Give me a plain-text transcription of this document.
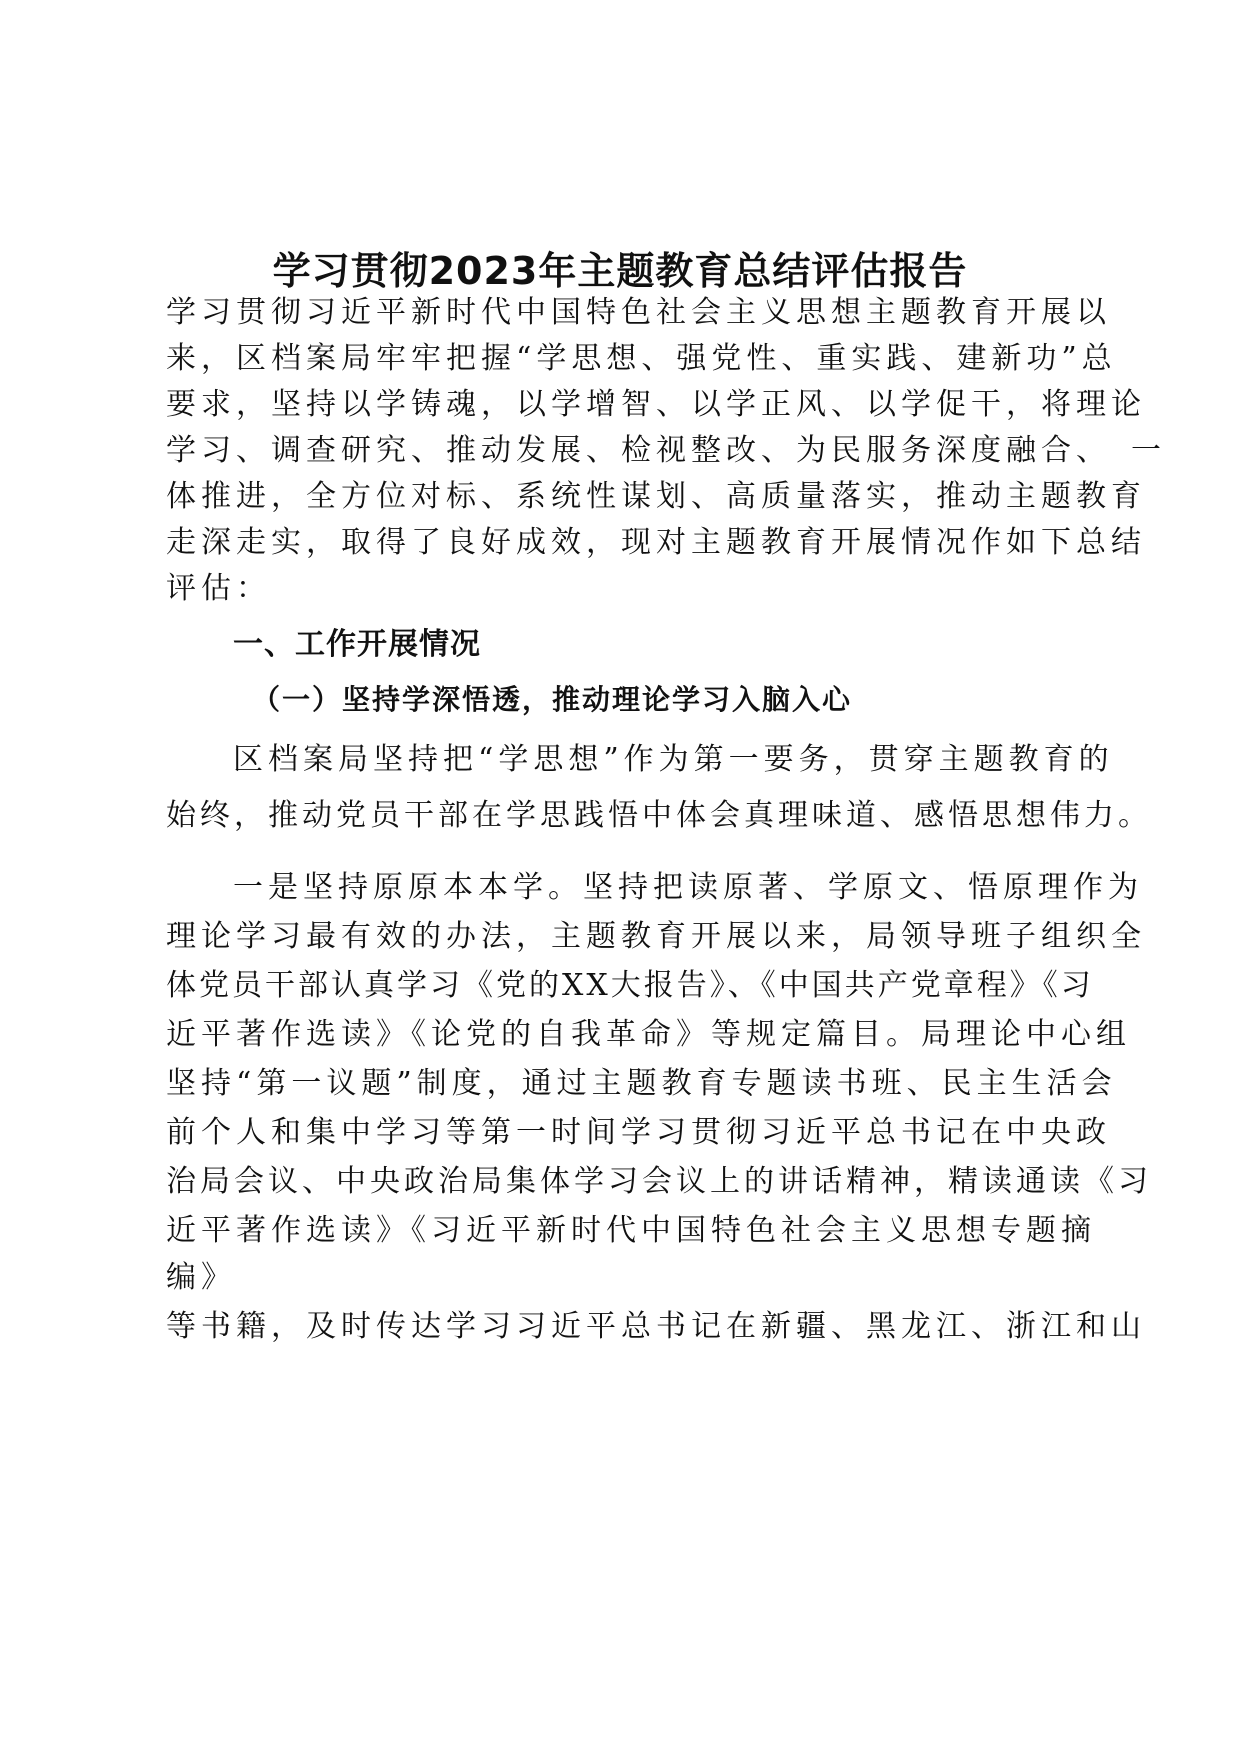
学习贯彻2023年主题教育总结评估报告
学习贯彻习近平新时代中国特色社会主义思想主题教育开展以
来，区档案局牢牢把握“学思想、强党性、重实践、建新功”总
要求，坚持以学铸魂，以学增智、以学正风、以学促干，将理论
学习、调查研究、推动发展、检视整改、为民服务深度融合、　一
体推进，全方位对标、系统性谋划、高质量落实，推动主题教育
走深走实，取得了良好成效，现对主题教育开展情况作如下总结
评估：
一、工作开展情况
（一）坚持学深悟透，推动理论学习入脑入心
区档案局坚持把“学思想”作为第一要务，贯穿主题教育的
始终，推动党员干部在学思践悟中体会真理味道、感悟思想伟力。
一是坚持原原本本学。坚持把读原著、学原文、悟原理作为
理论学习最有效的办法，主题教育开展以来，局领导班子组织全
体党员干部认真学习《党的XX大报告》、《中国共产党章程》《习
近平著作选读》《论党的自我革命》等规定篇目。局理论中心组
坚持“第一议题”制度，通过主题教育专题读书班、民主生活会
前个人和集中学习等第一时间学习贯彻习近平总书记在中央政
治局会议、中央政治局集体学习会议上的讲话精神，精读通读《习
近平著作选读》《习近平新时代中国特色社会主义思想专题摘
编》
等书籍，及时传达学习习近平总书记在新疆、黑龙江、浙江和山
